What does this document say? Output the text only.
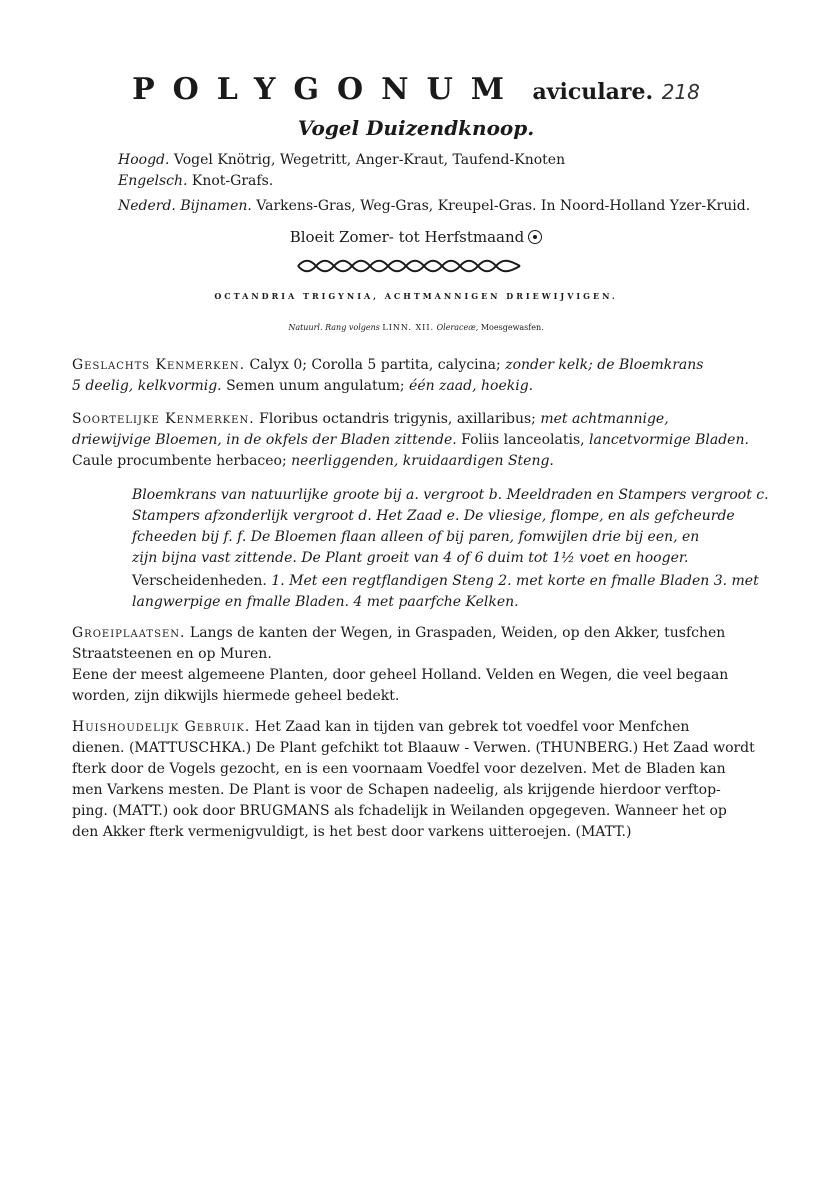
POLYGONUM aviculare. 218
Vogel Duizendknoop.
Hoogd. Vogel Knötrig, Wegetritt, Anger-Kraut, Taufend-Knoten
Engelsch. Knot-Grafs.
Nederd. Bijnamen. Varkens-Gras, Weg-Gras, Kreupel-Gras. In Noord-Holland Yzer-Kruid.
Bloeit Zomer- tot Herfstmaand
OCTANDRIA TRIGYNIA, ACHTMANNIGEN DRIEWIJVIGEN.
Natuurl. Rang volgens LINN. XII. Oleraceæ, Moesgewasfen.
Geslachts Kenmerken. Calyx 0; Corolla 5 partita, calycina; zonder kelk; de Bloemkrans
5 deelig, kelkvormig. Semen unum angulatum; één zaad, hoekig.
Soortelijke Kenmerken. Floribus octandris trigynis, axillaribus; met achtmannige,
driewijvige Bloemen, in de okfels der Bladen zittende. Foliis lanceolatis, lancetvormige Bladen.
Caule procumbente herbaceo; neerliggenden, kruidaardigen Steng.
Bloemkrans van natuurlijke groote bij a. vergroot b. Meeldraden en Stampers vergroot c.
Stampers afzonderlijk vergroot d. Het Zaad e. De vliesige, flompe, en als gefcheurde
fcheeden bij f. f. De Bloemen flaan alleen of bij paren, fomwijlen drie bij een, en
zijn bijna vast zittende. De Plant groeit van 4 of 6 duim tot 1½ voet en hooger.
Verscheidenheden. 1. Met een regtflandigen Steng 2. met korte en fmalle Bladen 3. met
langwerpige en fmalle Bladen. 4 met paarfche Kelken.
Groeiplaatsen. Langs de kanten der Wegen, in Graspaden, Weiden, op den Akker, tusfchen
Straatsteenen en op Muren.
Eene der meest algemeene Planten, door geheel Holland. Velden en Wegen, die veel begaan
worden, zijn dikwijls hiermede geheel bedekt.
Huishoudelijk Gebruik. Het Zaad kan in tijden van gebrek tot voedfel voor Menfchen
dienen. (MATTUSCHKA.) De Plant gefchikt tot Blaauw - Verwen. (THUNBERG.) Het Zaad wordt
fterk door de Vogels gezocht, en is een voornaam Voedfel voor dezelven. Met de Bladen kan
men Varkens mesten. De Plant is voor de Schapen nadeelig, als krijgende hierdoor verftop-
ping. (MATT.) ook door BRUGMANS als fchadelijk in Weilanden opgegeven. Wanneer het op
den Akker fterk vermenigvuldigt, is het best door varkens uitteroejen. (MATT.)
